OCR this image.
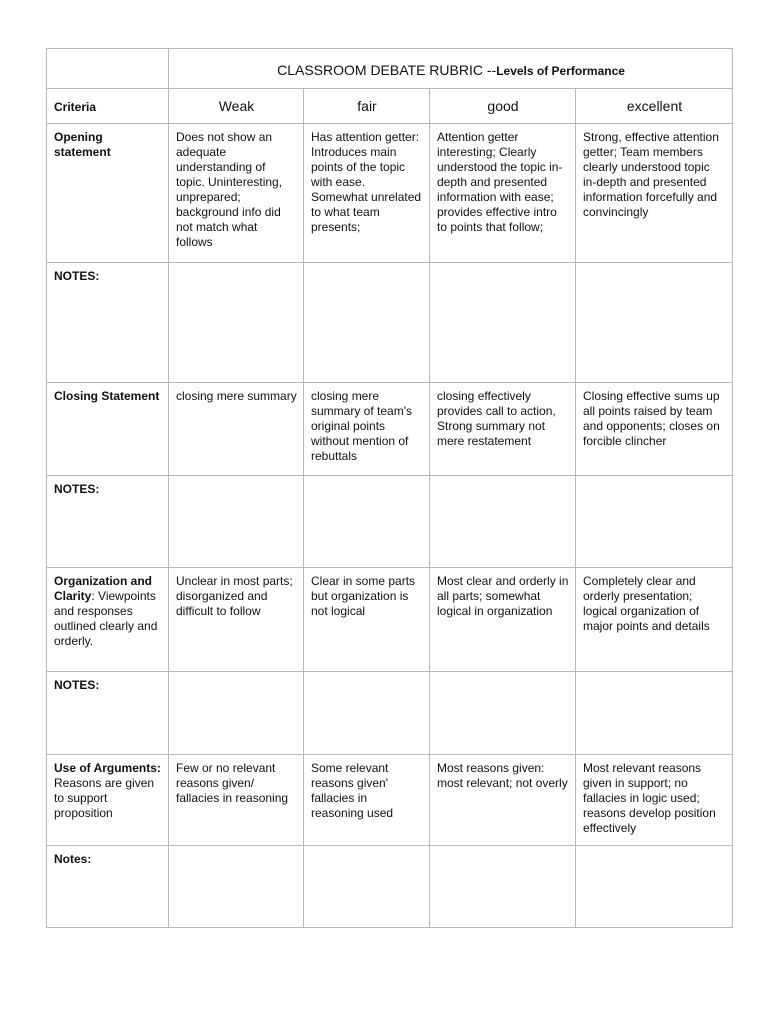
	CLASSROOM DEBATE RUBRIC --Levels of Performance			
Criteria	Weak	fair	good	excellent
Opening statement	Does not show an adequate understanding of topic. Uninteresting, unprepared; background info did not match what follows	Has attention getter: Introduces main points of the topic with ease. Somewhat unrelated to what team presents;	Attention getter interesting; Clearly understood the topic in-depth and presented information with ease; provides effective intro to points that follow;	Strong, effective attention getter; Team members clearly understood topic in-depth and presented information forcefully and convincingly
NOTES:				
Closing Statement	closing mere summary	closing mere summary of team's original points without mention of rebuttals	closing effectively provides call to action, Strong summary not mere restatement	Closing effective sums up all points raised by team and opponents; closes on forcible clincher
NOTES:				
Organization and Clarity: Viewpoints and responses outlined clearly and orderly.	Unclear in most parts; disorganized and difficult to follow	Clear in some parts but organization is not logical	Most clear and orderly in all parts; somewhat logical in organization	Completely clear and orderly presentation; logical organization of major points and details
NOTES:				
Use of Arguments: Reasons are given to support proposition	Few or no relevant reasons given/ fallacies in reasoning	Some relevant reasons given' fallacies in reasoning used	Most reasons given: most relevant; not overly	Most relevant reasons given in support; no fallacies in logic used; reasons develop position effectively
Notes:				
